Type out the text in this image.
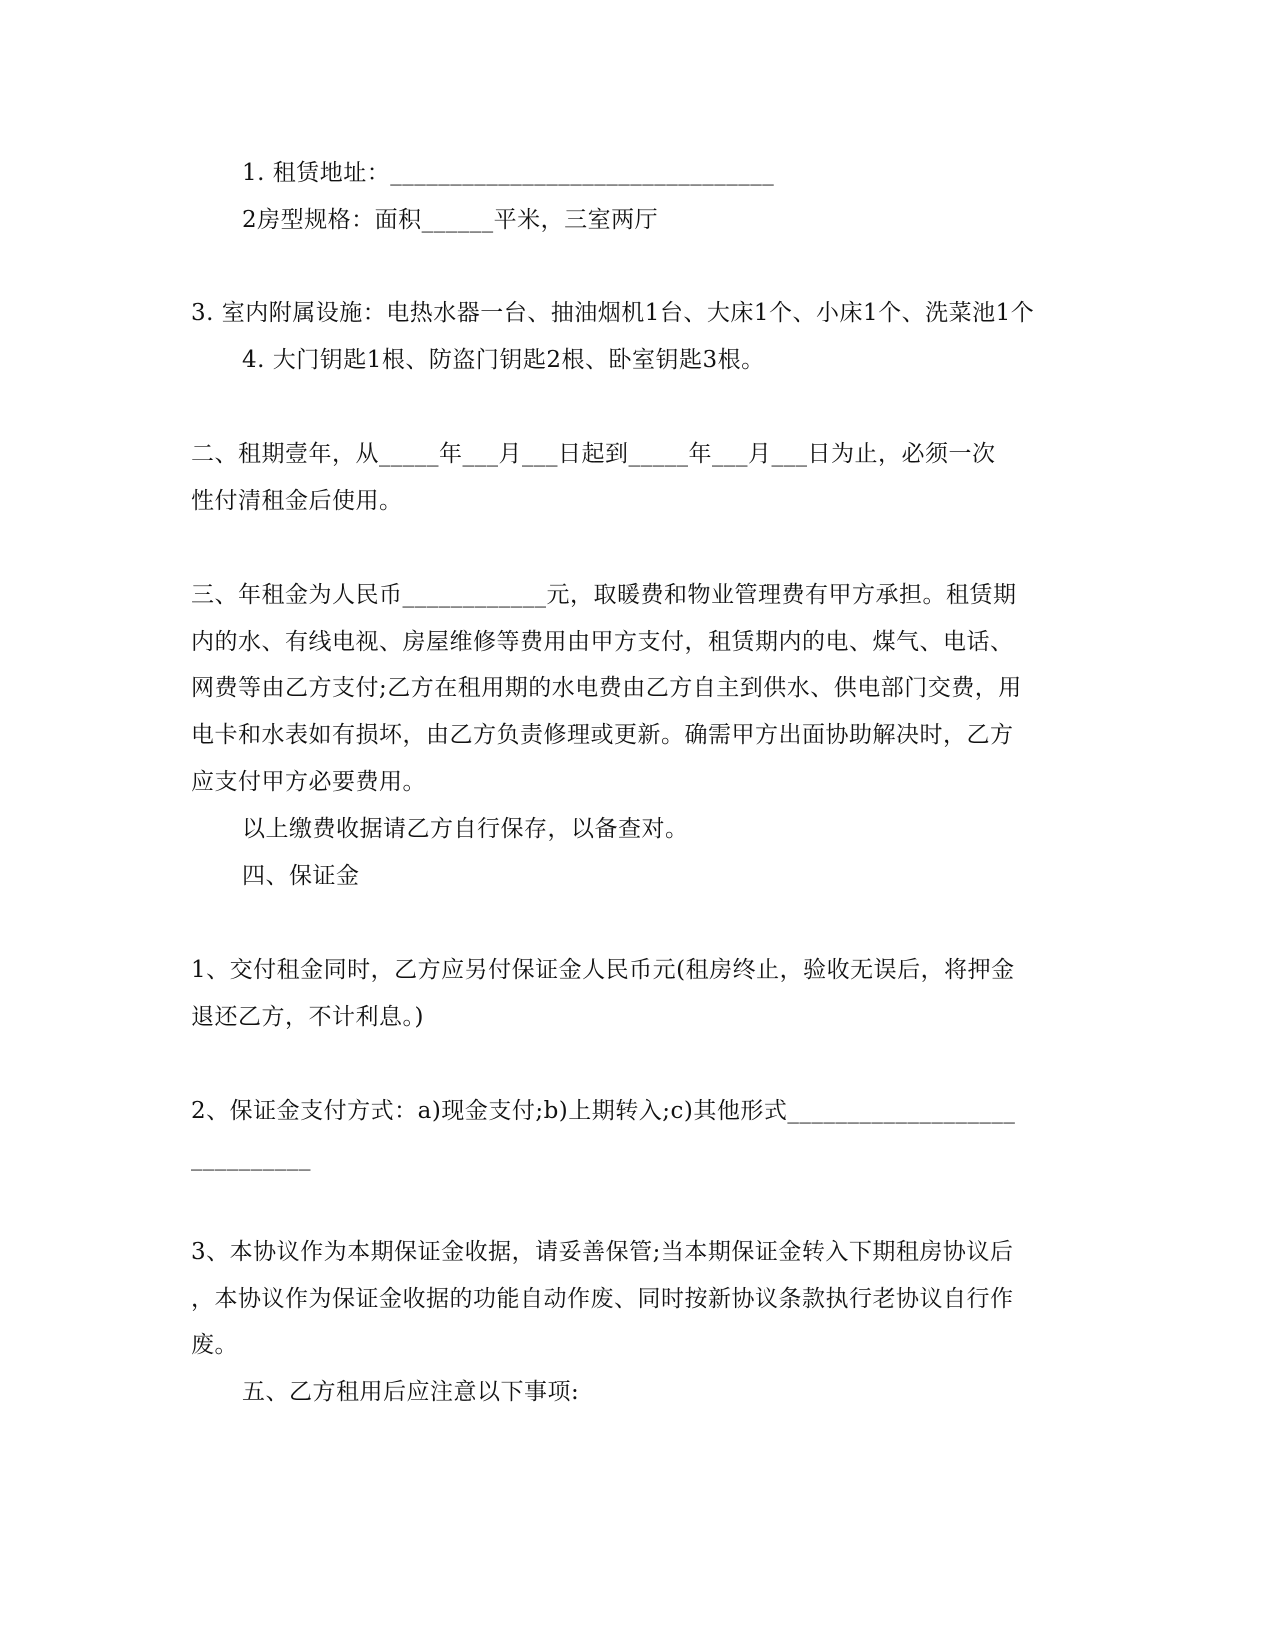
1. 租赁地址：________________________________
2房型规格：面积______平米，三室两厅
3. 室内附属设施：电热水器一台、抽油烟机1台、大床1个、小床1个、洗菜池1个
4. 大门钥匙1根、防盗门钥匙2根、卧室钥匙3根。
二、租期壹年，从_____年___月___日起到_____年___月___日为止，必须一次
性付清租金后使用。
三、年租金为人民币____________元，取暖费和物业管理费有甲方承担。租赁期
内的水、有线电视、房屋维修等费用由甲方支付，租赁期内的电、煤气、电话、
网费等由乙方支付;乙方在租用期的水电费由乙方自主到供水、供电部门交费，用
电卡和水表如有损坏，由乙方负责修理或更新。确需甲方出面协助解决时，乙方
应支付甲方必要费用。
以上缴费收据请乙方自行保存，以备查对。
四、保证金
1、交付租金同时，乙方应另付保证金人民币元(租房终止，验收无误后，将押金
退还乙方，不计利息。)
2、保证金支付方式：a)现金支付;b)上期转入;c)其他形式___________________
__________
3、本协议作为本期保证金收据，请妥善保管;当本期保证金转入下期租房协议后
，本协议作为保证金收据的功能自动作废、同时按新协议条款执行老协议自行作
废。
五、乙方租用后应注意以下事项:
